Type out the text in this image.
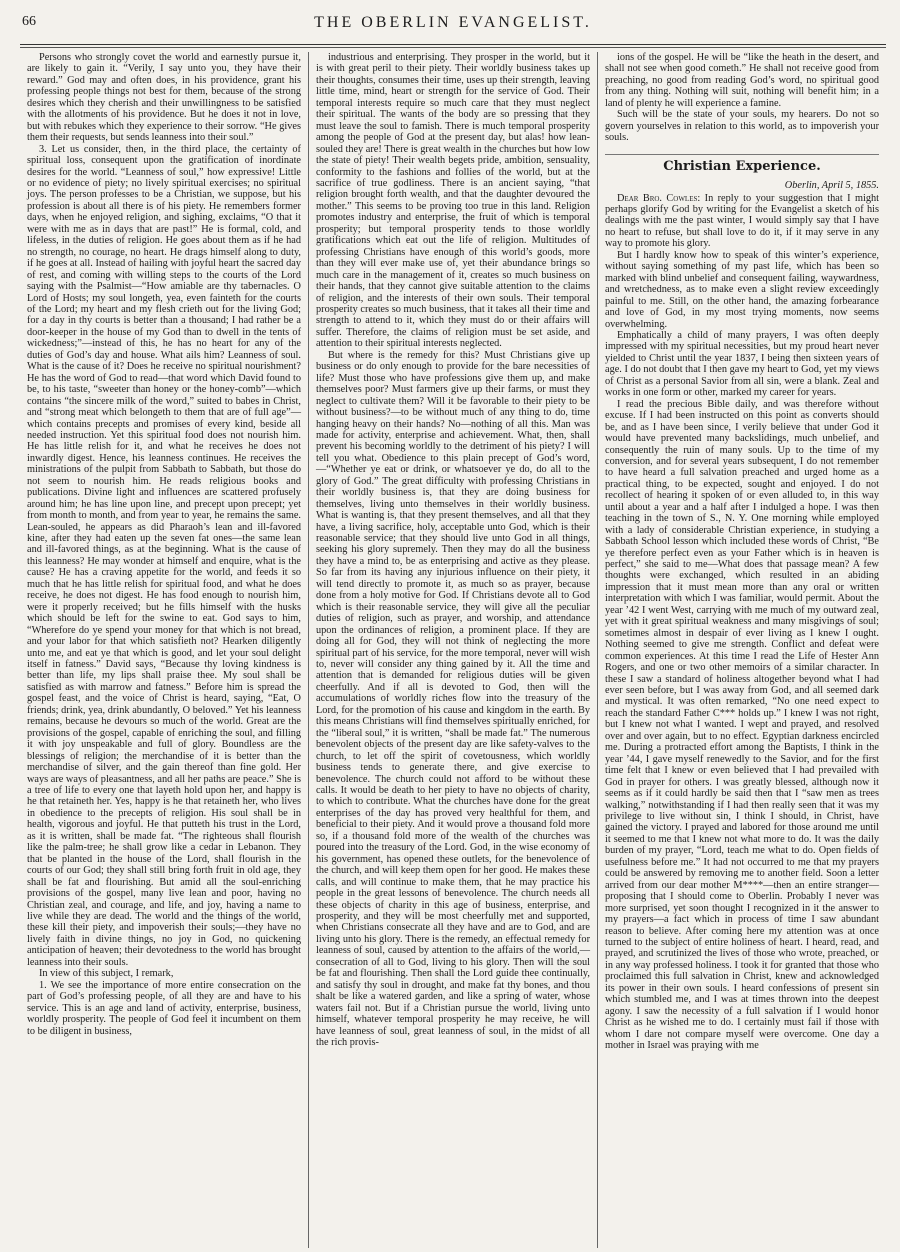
66	THE OBERLIN EVANGELIST.

Persons who strongly covet the world and earnestly pursue it, are likely to gain it. “Verily, I say unto you, they have their reward.” God may and often does, in his providence, grant his professing people things not best for them, because of the strong desires which they cherish and their unwillingness to be satisfied with the allotments of his providence. But he does it not in love, but with rebukes which they experience to their sorrow. “He gives them their requests, but sends leanness into their soul.”

3. Let us consider, then, in the third place, the certainty of spiritual loss, consequent upon the gratification of inordinate desires for the world. “Leanness of soul,” how expressive! Little or no evidence of piety; no lively spiritual exercises; no spiritual joys. The person professes to be a Christian, we suppose, but his profession is about all there is of his piety. He remembers former days, when he enjoyed religion, and sighing, exclaims, “O that it were with me as in days that are past!” He is formal, cold, and lifeless, in the duties of religion. He goes about them as if he had no strength, no courage, no heart. He drags himself along to duty, if he goes at all. Instead of hailing with joyful heart the sacred day of rest, and coming with willing steps to the courts of the Lord saying with the Psalmist—“How amiable are thy tabernacles. O Lord of Hosts; my soul longeth, yea, even fainteth for the courts of the Lord; my heart and my flesh crieth out for the living God; for a day in thy courts is better than a thousand; I had rather be a door-keeper in the house of my God than to dwell in the tents of wickedness;”—instead of this, he has no heart for any of the duties of God’s day and house. What ails him? Leanness of soul. What is the cause of it? Does he receive no spiritual nourishment? He has the word of God to read—that word which David found to be, to his taste, “sweeter than honey or the honey-comb”—which contains “the sincere milk of the word,” suited to babes in Christ, and “strong meat which belongeth to them that are of full age”—which contains precepts and promises of every kind, beside all needed instruction. Yet this spiritual food does not nourish him. He has little relish for it, and what he receives he does not inwardly digest. Hence, his leanness continues. He receives the ministrations of the pulpit from Sabbath to Sabbath, but those do not seem to nourish him. He reads religious books and publications. Divine light and influences are scattered profusely around him; he has line upon line, and precept upon precept; yet from month to month, and from year to year, he remains the same. Lean-souled, he appears as did Pharaoh’s lean and ill-favored kine, after they had eaten up the seven fat ones—the same lean and ill-favored things, as at the beginning. What is the cause of this leanness? He may wonder at himself and enquire, what is the cause? He has a craving appetite for the world, and feeds it so much that he has little relish for spiritual food, and what he does receive, he does not digest. He has food enough to nourish him, were it properly received; but he fills himself with the husks which should be left for the swine to eat. God says to him, “Wherefore do ye spend your money for that which is not bread, and your labor for that which satisfieth not? Hearken diligently unto me, and eat ye that which is good, and let your soul delight itself in fatness.” David says, “Because thy loving kindness is better than life, my lips shall praise thee. My soul shall be satisfied as with marrow and fatness.” Before him is spread the gospel feast, and the voice of Christ is heard, saying, “Eat, O friends; drink, yea, drink abundantly, O beloved.” Yet his leanness remains, because he devours so much of the world. Great are the provisions of the gospel, capable of enriching the soul, and filling it with joy unspeakable and full of glory. Boundless are the blessings of religion; the merchandise of it is better than the merchandise of silver, and the gain thereof than fine gold. Her ways are ways of pleasantness, and all her paths are peace.” She is a tree of life to every one that layeth hold upon her, and happy is he that retaineth her. Yes, happy is he that retaineth her, who lives in obedience to the precepts of religion. His soul shall be in health, vigorous and joyful. He that putteth his trust in the Lord, as it is written, shall be made fat. “The righteous shall flourish like the palm-tree; he shall grow like a cedar in Lebanon. They that be planted in the house of the Lord, shall flourish in the courts of our God; they shall still bring forth fruit in old age, they shall be fat and flourishing. But amid all the soul-enriching provisions of the gospel, many live lean and poor, having no Christian zeal, and courage, and life, and joy, having a name to live while they are dead. The world and the things of the world, these kill their piety, and impoverish their souls;—they have no lively faith in divine things, no joy in God, no quickening anticipation of heaven; their devotedness to the world has brought leanness into their souls.

In view of this subject, I remark,

1. We see the importance of more entire consecration on the part of God’s professing people, of all they are and have to his service. This is an age and land of activity, enterprise, business, worldly prosperity. The people of God feel it incumbent on them to be diligent in business,

industrious and enterprising. They prosper in the world, but it is with great peril to their piety. Their worldly business takes up their thoughts, consumes their time, uses up their strength, leaving little time, mind, heart or strength for the service of God. Their temporal interests require so much care that they must neglect their spiritual. The wants of the body are so pressing that they must leave the soul to famish. There is much temporal prosperity among the people of God at the present day, but alas! how lean-souled they are! There is great wealth in the churches but how low the state of piety! Their wealth begets pride, ambition, sensuality, conformity to the fashions and follies of the world, but at the sacrifice of true godliness. There is an ancient saying, “that religion brought forth wealth, and that the daughter devoured the mother.” This seems to be proving too true in this land. Religion promotes industry and enterprise, the fruit of which is temporal prosperity; but temporal prosperity tends to those worldly gratifications which eat out the life of religion. Multitudes of professing Christians have enough of this world’s goods, more than they will ever make use of, yet their abundance brings so much care in the management of it, creates so much business on their hands, that they cannot give suitable attention to the claims of religion, and the interests of their own souls. Their temporal prosperity creates so much business, that it takes all their time and strength to attend to it, which they must do or their affairs will suffer. Therefore, the claims of religion must be set aside, and attention to their spiritual interests neglected.

But where is the remedy for this? Must Christians give up business or do only enough to provide for the bare necessities of life? Must those who have professions give them up, and make themselves poor? Must farmers give up their farms, or must they neglect to cultivate them? Will it be favorable to their piety to be without business?—to be without much of any thing to do, time hanging heavy on their hands? No—nothing of all this. Man was made for activity, enterprise and achievement. What, then, shall prevent his becoming worldly to the detriment of his piety? I will tell you what. Obedience to this plain precept of God’s word,—“Whether ye eat or drink, or whatsoever ye do, do all to the glory of God.” The great difficulty with professing Christians in their worldly business is, that they are doing business for themselves, living unto themselves in their worldly business. What is wanting is, that they present themselves, and all that they have, a living sacrifice, holy, acceptable unto God, which is their reasonable service; that they should live unto God in all things, seeking his glory supremely. Then they may do all the business they have a mind to, be as enterprising and active as they please. So far from its having any injurious influence on their piety, it will tend directly to promote it, as much so as prayer, because done from a holy motive for God. If Christians devote all to God which is their reasonable service, they will give all the peculiar duties of religion, such as prayer, and worship, and attendance upon the ordinances of religion, a prominent place. If they are doing all for God, they will not think of neglecting the more spiritual part of his service, for the more temporal, never will wish to, never will consider any thing gained by it. All the time and attention that is demanded for religious duties will be given cheerfully. And if all is devoted to God, then will the accumulations of worldly riches flow into the treasury of the Lord, for the promotion of his cause and kingdom in the earth. By this means Christians will find themselves spiritually enriched, for the “liberal soul,” it is written, “shall be made fat.” The numerous benevolent objects of the present day are like safety-valves to the church, to let off the spirit of covetousness, which worldly business tends to generate there, and give exercise to benevolence. The church could not afford to be without these calls. It would be death to her piety to have no objects of charity, to which to contribute. What the churches have done for the great enterprises of the day has proved very healthful for them, and beneficial to their piety. And it would prove a thousand fold more so, if a thousand fold more of the wealth of the churches was poured into the treasury of the Lord. God, in the wise economy of his government, has opened these outlets, for the benevolence of the church, and will keep them open for her good. He makes these calls, and will continue to make them, that he may practice his people in the great lessons of benevolence. The church needs all these objects of charity in this age of business, enterprise, and prosperity, and they will be most cheerfully met and supported, when Christians consecrate all they have and are to God, and are living unto his glory. There is the remedy, an effectual remedy for leanness of soul, caused by attention to the affairs of the world,—consecration of all to God, living to his glory. Then will the soul be fat and flourishing. Then shall the Lord guide thee continually, and satisfy thy soul in drought, and make fat thy bones, and thou shalt be like a watered garden, and like a spring of water, whose waters fail not. But if a Christian pursue the world, living unto himself, whatever temporal prosperity he may receive, he will have leanness of soul, great leanness of soul, in the midst of all the rich provis-

ions of the gospel. He will be “like the heath in the desert, and shall not see when good cometh.” He shall not receive good from preaching, no good from reading God’s word, no spiritual good from any thing. Nothing will suit, nothing will benefit him; in a land of plenty he will experience a famine.

Such will be the state of your souls, my hearers. Do not so govern yourselves in relation to this world, as to impoverish your souls.

Christian Experience.
Oberlin, April 5, 1855.

Dear Bro. Cowles: In reply to your suggestion that I might perhaps glorify God by writing for the Evangelist a sketch of his dealings with me the past winter, I would simply say that I have no heart to refuse, but shall love to do it, if it may serve in any way to promote his glory.

But I hardly know how to speak of this winter’s experience, without saying something of my past life, which has been so marked with blind unbelief and consequent failing, waywardness, and wretchedness, as to make even a slight review exceedingly painful to me. Still, on the other hand, the amazing forbearance and love of God, in my most trying moments, now seems overwhelming.

Emphatically a child of many prayers, I was often deeply impressed with my spiritual necessities, but my proud heart never yielded to Christ until the year 1837, I being then sixteen years of age. I do not doubt that I then gave my heart to God, yet my views of Christ as a personal Savior from all sin, were a blank. Zeal and works in one form or other, marked my career for years.

I read the precious Bible daily, and was therefore without excuse. If I had been instructed on this point as converts should be, and as I have been since, I verily believe that under God it would have prevented many backslidings, much unbelief, and consequently the ruin of many souls. Up to the time of my conversion, and for several years subsequent, I do not remember to have heard a full salvation preached and urged home as a practical thing, to be expected, sought and enjoyed. I do not recollect of hearing it spoken of or even alluded to, in this way until about a year and a half after I indulged a hope. I was then teaching in the town of S., N. Y. One morning while employed with a lady of considerable Christian experience, in studying a Sabbath School lesson which included these words of Christ, “Be ye therefore perfect even as your Father which is in heaven is perfect,” she said to me—What does that passage mean? A few thoughts were exchanged, which resulted in an abiding impression that it must mean more than any oral or written interpretation with which I was familiar, would permit. About the year ’42 I went West, carrying with me much of my outward zeal, yet with it great spiritual weakness and many misgivings of soul; sometimes almost in despair of ever living as I knew I ought. Nothing seemed to give me strength. Conflict and defeat were common experiences. At this time I read the Life of Hester Ann Rogers, and one or two other memoirs of a similar character. In these I saw a standard of holiness altogether beyond what I had ever seen before, but I was away from God, and all seemed dark and mystical. It was often remarked, “No one need expect to reach the standard Father C*** holds up.” I knew I was not right, but I knew not what I wanted. I wept and prayed, and resolved over and over again, but to no effect. Egyptian darkness encircled me. During a protracted effort among the Baptists, I think in the year ’44, I gave myself renewedly to the Savior, and for the first time felt that I knew or even believed that I had prevailed with God in prayer for others. I was greatly blessed, although now it seems as if it could hardly be said then that I “saw men as trees walking,” notwithstanding if I had then really seen that it was my privilege to live without sin, I think I should, in Christ, have gained the victory. I prayed and labored for those around me until it seemed to me that I knew not what more to do. It was the daily burden of my prayer, “Lord, teach me what to do. Open fields of usefulness before me.” It had not occurred to me that my prayers could be answered by removing me to another field. Soon a letter arrived from our dear mother M****—then an entire stranger—proposing that I should come to Oberlin. Probably I never was more surprised, yet soon thought I recognized in it the answer to my prayers—a fact which in process of time I saw abundant reason to believe. After coming here my attention was at once turned to the subject of entire holiness of heart. I heard, read, and prayed, and scrutinized the lives of those who wrote, preached, or in any way professed holiness. I took it for granted that those who proclaimed this full salvation in Christ, knew and acknowledged its power in their own souls. I heard confessions of present sin which stumbled me, and I was at times thrown into the deepest agony. I saw the necessity of a full salvation if I would honor Christ as he wished me to do. I certainly must fail if those with whom I dare not compare myself were overcome. One day a mother in Israel was praying with me
